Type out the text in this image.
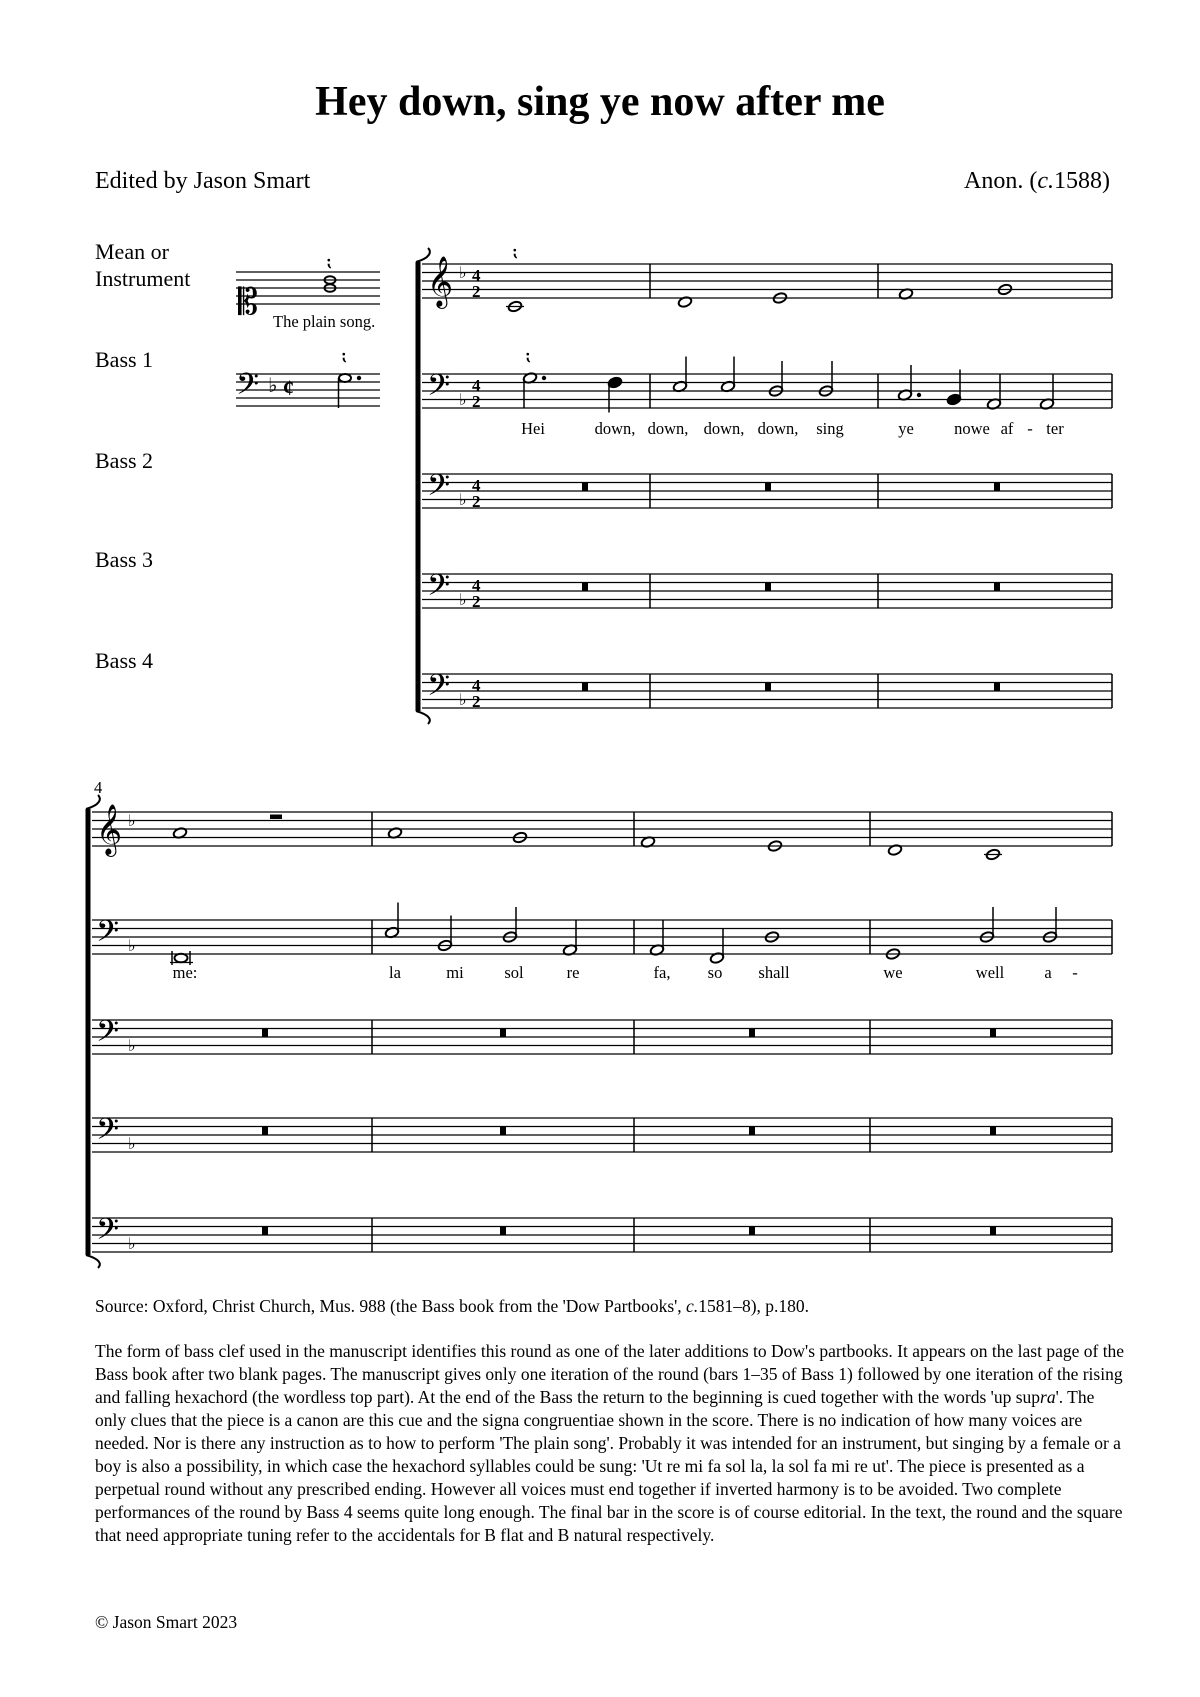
Hey down, sing ye now after me
Edited by Jason Smart	Anon. (c.1588)
Mean or
Instrument
Bass 1
Bass 2
Bass 3
Bass 4
𝄡
⁏
The plain song.
𝄢 ♭ ¢
⁏
𝄞 ♭ 4
2
𝄢 ♭
4
2
𝄢 ♭
4
2
𝄢 ♭
4
2
𝄢 ♭
4
2
⁏
⁏
Hei	down, down, down, down, sing	ye nowe af - ter
4
𝄞 ♭
𝄢 ♭
𝄢 ♭
𝄢 ♭
𝄢 ♭
me:	la	mi sol	re	fa, so shall	we	well a -
Source: Oxford, Christ Church, Mus. 988 (the Bass book from the 'Dow Partbooks', c.1581–8), p.180.
The form of bass clef used in the manuscript identifies this round as one of the later additions to Dow's partbooks. It appears on the last page of the Bass book after two blank pages. The manuscript gives only one iteration of the round (bars 1–35 of Bass 1) followed by one iteration of the rising and falling hexachord (the wordless top part). At the end of the Bass the return to the beginning is cued together with the words 'up supra'. The only clues that the piece is a canon are this cue and the signa congruentiae shown in the score. There is no indication of how many voices are needed. Nor is there any instruction as to how to perform 'The plain song'. Probably it was intended for an instrument, but singing by a female or a boy is also a possibility, in which case the hexachord syllables could be sung: 'Ut re mi fa sol la, la sol fa mi re ut'. The piece is presented as a perpetual round without any prescribed ending. However all voices must end together if inverted harmony is to be avoided. Two complete performances of the round by Bass 4 seems quite long enough. The final bar in the score is of course editorial. In the text, the round and the square that need appropriate tuning refer to the accidentals for B flat and B natural respectively.
© Jason Smart 2023
